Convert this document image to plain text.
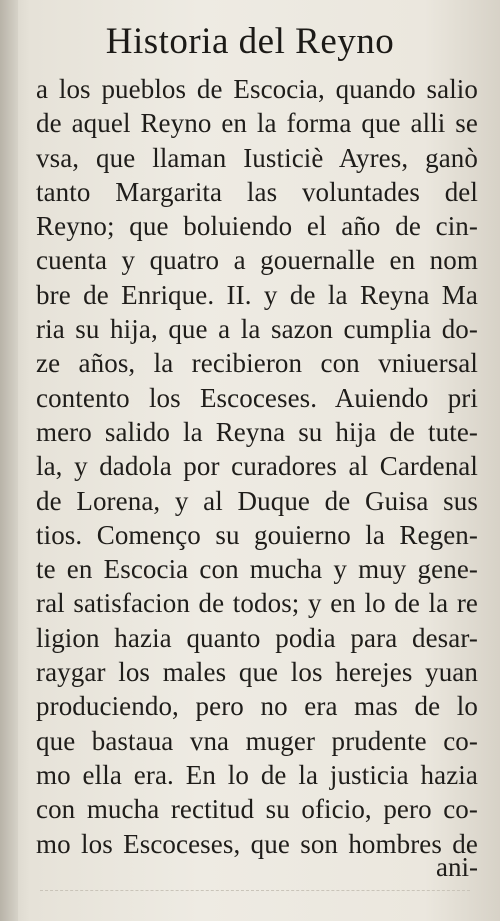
Historia del Reyno
a los pueblos de Escocia, quando salio
de aquel Reyno en la forma que alli se
vsa, que llaman Iusticiè Ayres, ganò
tanto Margarita las voluntades del
Reyno; que boluiendo el año de cin-
cuenta y quatro a gouernalle en nom
bre de Enrique. II. y de la Reyna Ma
ria su hija, que a la sazon cumplia do-
ze años, la recibieron con vniuersal
contento los Escoceses. Auiendo pri
mero salido la Reyna su hija de tute-
la, y dadola por curadores al Cardenal
de Lorena, y al Duque de Guisa sus
tios. Començo su gouierno la Regen-
te en Escocia con mucha y muy gene-
ral satisfacion de todos; y en lo de la re
ligion hazia quanto podia para desar-
raygar los males que los herejes yuan
produciendo, pero no era mas de lo
que bastaua vna muger prudente co-
mo ella era. En lo de la justicia hazia
con mucha rectitud su oficio, pero co-
mo los Escoceses, que son hombres de
ani-
